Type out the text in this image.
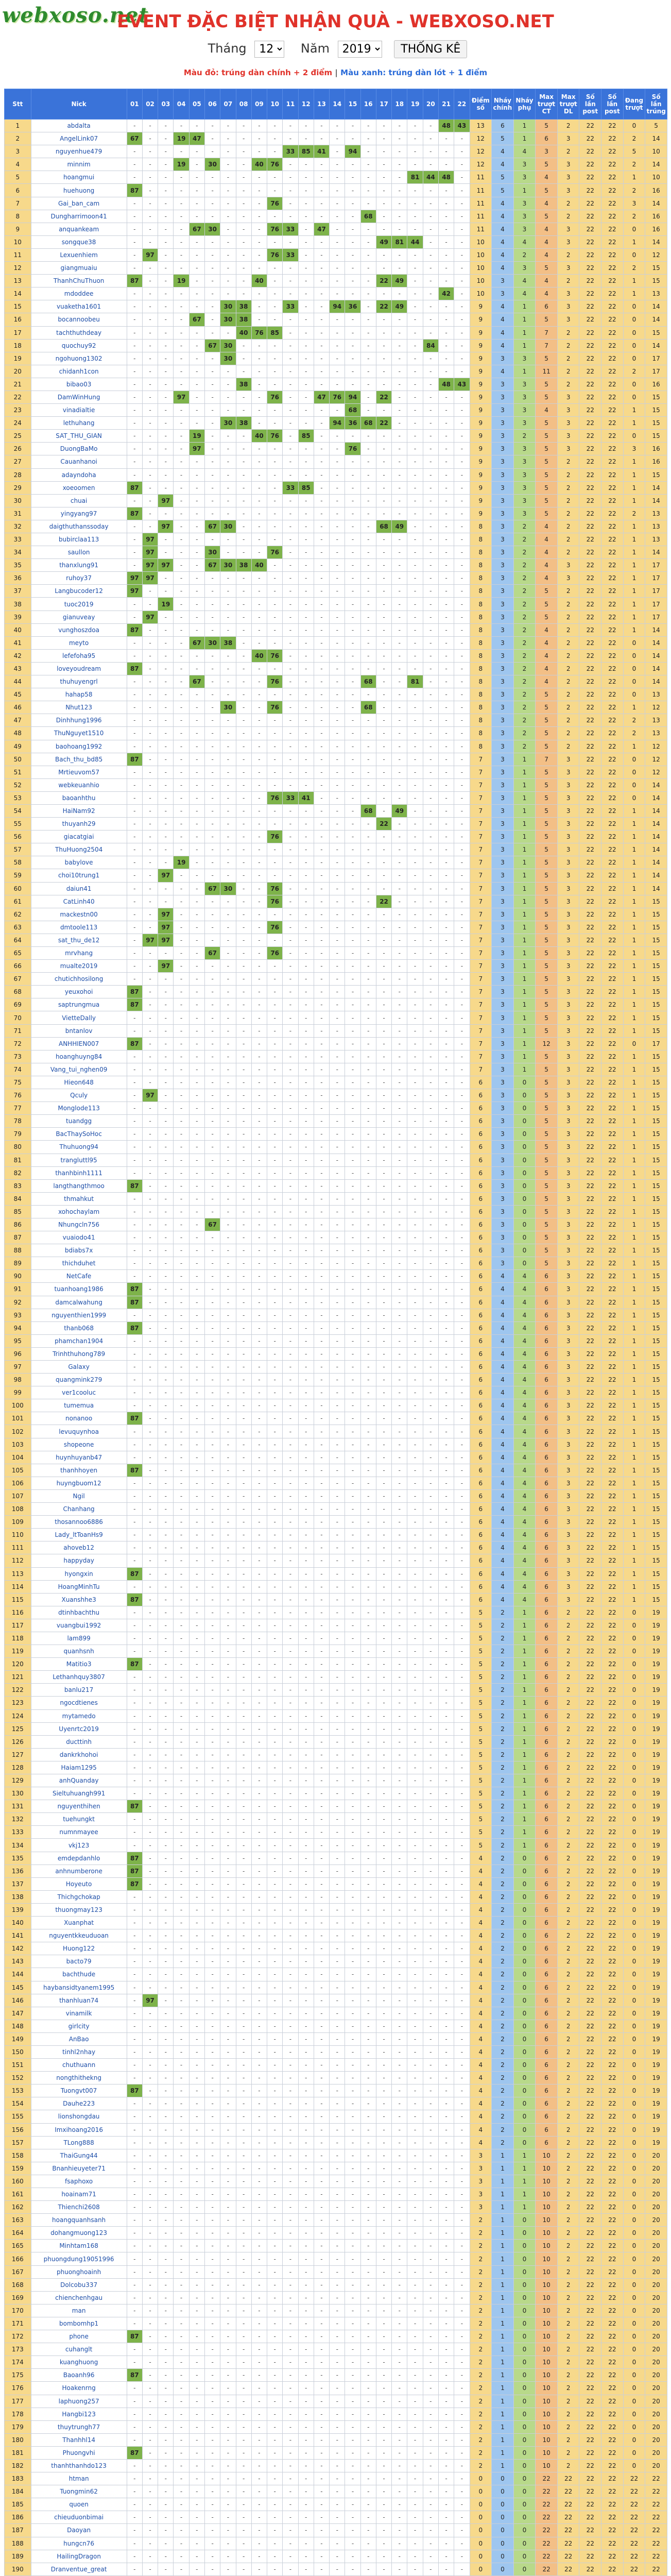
webxoso.net
EVENT ĐẶC BIỆT NHẬN QUÀ - WEBXOSO.NET
Tháng
12	Năm
2019	THỐNG KÊ
Màu đỏ: trúng dàn chính + 2 điểm | Màu xanh: trúng dàn lót + 1 điểm
Stt	Nick	01	02	03	04	05	06	07	08	09	10	11	12	13	14	15	16	17	18	19	20	21	22	Điểm số	Nháy chính	Nháy phụ	Max trượt CT	Max trượt DL	Số lần post	Số lần post	Đang trượt	Số lần trúng
1	abdalta	-	-	-	-	-	-	-	-	-	-	-	-	-	-	-	-	-	-	-	-	48	43	13	6	1	5	2	22	22	0	5
2	AngelLink07	67	-	-	19	47	-	-	-	-	-	-	-	-	-	-	-	-	-	-	-	-	-	12	5	1	6	3	22	22	2	14
3	nguyenhue479	-	-	-	-	-	-	-	-	-	-	33	85	41	-	94	-	-	-	-	-	-	-	12	4	4	3	2	22	22	5	10
4	minnim	-	-	-	19	-	30	-	-	40	76	-	-	-	-	-	-	-	-	-	-	-	-	12	4	3	5	3	22	22	2	14
5	hoangmui	-	-	-	-	-	-	-	-	-	-	-	-	-	-	-	-	-	-	81	44	48	-	11	5	3	4	3	22	22	1	10
6	huehuong	87	-	-	-	-	-	-	-	-	-	-	-	-	-	-	-	-	-	-	-	-	-	11	5	1	5	3	22	22	2	16
7	Gai_ban_cam	-	-	-	-	-	-	-	-	-	76	-	-	-	-	-	-	-	-	-	-	-	-	11	4	3	4	2	22	22	3	14
8	Dungharrimoon41	-	-	-	-	-	-	-	-	-	-	-	-	-	-	-	68	-	-	-	-	-	-	11	4	3	5	2	22	22	2	16
9	anquankeam	-	-	-	-	67	30	-	-	-	76	33	-	47	-	-	-	-	-	-	-	-	-	11	4	3	4	3	22	22	0	16
10	songque38	-	-	-	-	-	-	-	-	-	-	-	-	-	-	-	-	49	81	44	-	-	-	10	4	4	4	3	22	22	1	14
11	Lexuenhiem	-	97	-	-	-	-	-	-	-	76	33	-	-	-	-	-	-	-	-	-	-	-	10	4	2	4	2	22	22	0	12
12	giangmuaiu	-	-	-	-	-	-	-	-	-	-	-	-	-	-	-	-	-	-	-	-	-	-	10	4	3	5	3	22	22	2	15
13	ThanhChuThuon	87	-	-	19	-	-	-	-	40	-	-	-	-	-	-	-	22	49	-	-	-	-	10	3	4	4	2	22	22	1	15
14	mdoddee	-	-	-	-	-	-	-	-	-	-	-	-	-	-	-	-	-	-	-	-	42	-	10	3	4	4	3	22	22	1	13
15	vuaketha1601	-	-	-	-	-	-	30	38	-	-	33	-	-	94	36	-	22	49	-	-	-	-	9	4	1	6	3	22	22	0	14
16	bocannoobeu	-	-	-	-	67	-	30	38	-	-	-	-	-	-	-	-	-	-	-	-	-	-	9	4	1	5	3	22	22	0	14
17	tachthuthdeay	-	-	-	-	-	-	-	40	76	85	-	-	-	-	-	-	-	-	-	-	-	-	9	4	1	7	2	22	22	0	15
18	quochuy92	-	-	-	-	-	67	30	-	-	-	-	-	-	-	-	-	-	-	-	84	-	-	9	4	1	7	2	22	22	0	14
19	ngohuong1302	-	-	-	-	-	-	30	-	-	-	-	-	-	-	-	-	-	-	-	-	-	-	9	3	3	5	2	22	22	0	17
20	chidanh1con	-	-	-	-	-	-	-	-	-	-	-	-	-	-	-	-	-	-	-	-	-	-	9	4	1	11	2	22	22	2	17
21	bibao03	-	-	-	-	-	-	-	38	-	-	-	-	-	-	-	-	-	-	-	-	48	43	9	3	3	5	2	22	22	0	16
22	DamWinHung	-	-	-	97	-	-	-	-	-	76	-	-	47	76	94	-	22	-	-	-	-	-	9	3	3	5	3	22	22	0	15
23	vinadialtie	-	-	-	-	-	-	-	-	-	-	-	-	-	-	68	-	-	-	-	-	-	-	9	3	3	4	3	22	22	1	15
24	lethuhang	-	-	-	-	-	-	30	38	-	-	-	-	-	94	36	68	22	-	-	-	-	-	9	3	3	5	3	22	22	1	15
25	SAT_THU_GIAN	-	-	-	-	19	-	-	-	40	76	-	85	-	-	-	-	-	-	-	-	-	-	9	3	2	5	3	22	22	0	15
26	DuongBaMo	-	-	-	-	97	-	-	-	-	-	-	-	-	-	76	-	-	-	-	-	-	-	9	3	3	5	3	22	22	3	16
27	Cauanhanoi	-	-	-	-	-	-	-	-	-	-	-	-	-	-	-	-	-	-	-	-	-	-	9	3	3	5	2	22	22	1	16
28	adayndoha	-	-	-	-	-	-	-	-	-	-	-	-	-	-	-	-	-	-	-	-	-	-	9	3	3	5	2	22	22	1	15
29	xoeoomen	87	-	-	-	-	-	-	-	-	-	33	85	-	-	-	-	-	-	-	-	-	-	9	3	3	5	2	22	22	1	14
30	chuai	-	-	97	-	-	-	-	-	-	-	-	-	-	-	-	-	-	-	-	-	-	-	9	3	3	5	2	22	22	1	14
31	yingyang97	87	-	-	-	-	-	-	-	-	-	-	-	-	-	-	-	-	-	-	-	-	-	9	3	3	5	2	22	22	2	13
32	daigthuthanssoday	-	-	97	-	-	67	30	-	-	-	-	-	-	-	-	-	68	49	-	-	-	-	8	3	2	4	2	22	22	1	13
33	bubirclaa113	-	97	-	-	-	-	-	-	-	-	-	-	-	-	-	-	-	-	-	-	-	-	8	3	2	4	2	22	22	1	13
34	saullon	-	97	-	-	-	30	-	-	-	76	-	-	-	-	-	-	-	-	-	-	-	-	8	3	2	4	2	22	22	1	14
35	thanxlung91	-	97	97	-	-	67	30	38	40	-	-	-	-	-	-	-	-	-	-	-	-	-	8	3	2	4	3	22	22	1	17
36	ruhoy37	97	97	-	-	-	-	-	-	-	-	-	-	-	-	-	-	-	-	-	-	-	-	8	3	2	4	3	22	22	1	17
37	Langbucoder12	97	-	-	-	-	-	-	-	-	-	-	-	-	-	-	-	-	-	-	-	-	-	8	3	2	5	2	22	22	1	17
38	tuoc2019	-	-	19	-	-	-	-	-	-	-	-	-	-	-	-	-	-	-	-	-	-	-	8	3	2	5	2	22	22	1	17
39	gianuveay	-	97	-	-	-	-	-	-	-	-	-	-	-	-	-	-	-	-	-	-	-	-	8	3	2	5	2	22	22	1	17
40	vunghoszdoa	87	-	-	-	-	-	-	-	-	-	-	-	-	-	-	-	-	-	-	-	-	-	8	3	2	4	2	22	22	1	14
41	meyto	-	-	-	-	67	30	38	-	-	-	-	-	-	-	-	-	-	-	-	-	-	-	8	3	2	4	2	22	22	0	14
42	lefefoha95	-	-	-	-	-	-	-	-	40	76	-	-	-	-	-	-	-	-	-	-	-	-	8	3	2	4	2	22	22	0	14
43	loveyoudream	87	-	-	-	-	-	-	-	-	-	-	-	-	-	-	-	-	-	-	-	-	-	8	3	2	4	2	22	22	0	14
44	thuhuyengrl	-	-	-	-	67	-	-	-	-	76	-	-	-	-	-	68	-	-	81	-	-	-	8	3	2	4	2	22	22	0	14
45	hahap58	-	-	-	-	-	-	-	-	-	-	-	-	-	-	-	-	-	-	-	-	-	-	8	3	2	5	2	22	22	0	13
46	Nhut123	-	-	-	-	-	-	30	-	-	76	-	-	-	-	-	68	-	-	-	-	-	-	8	3	2	5	2	22	22	1	12
47	Dinhhung1996	-	-	-	-	-	-	-	-	-	-	-	-	-	-	-	-	-	-	-	-	-	-	8	3	2	5	2	22	22	2	13
48	ThuNguyet1510	-	-	-	-	-	-	-	-	-	-	-	-	-	-	-	-	-	-	-	-	-	-	8	3	2	5	2	22	22	2	13
49	baohoang1992	-	-	-	-	-	-	-	-	-	-	-	-	-	-	-	-	-	-	-	-	-	-	8	3	2	5	2	22	22	1	12
50	Bach_thu_bd85	87	-	-	-	-	-	-	-	-	-	-	-	-	-	-	-	-	-	-	-	-	-	7	3	1	7	3	22	22	0	12
51	Mrtieuvom57	-	-	-	-	-	-	-	-	-	-	-	-	-	-	-	-	-	-	-	-	-	-	7	3	1	5	3	22	22	0	12
52	webkeuanhio	-	-	-	-	-	-	-	-	-	-	-	-	-	-	-	-	-	-	-	-	-	-	7	3	1	5	3	22	22	0	14
53	baoanhthu	-	-	-	-	-	-	-	-	-	76	33	41	-	-	-	-	-	-	-	-	-	-	7	3	1	5	3	22	22	0	14
54	HaiNam92	-	-	-	-	-	-	-	-	-	-	-	-	-	-	-	68	-	49	-	-	-	-	7	3	1	5	3	22	22	1	14
55	thuyanh29	-	-	-	-	-	-	-	-	-	-	-	-	-	-	-	-	22	-	-	-	-	-	7	3	1	5	3	22	22	1	14
56	giacatgiai	-	-	-	-	-	-	-	-	-	76	-	-	-	-	-	-	-	-	-	-	-	-	7	3	1	5	3	22	22	1	14
57	ThuHuong2504	-	-	-	-	-	-	-	-	-	-	-	-	-	-	-	-	-	-	-	-	-	-	7	3	1	5	3	22	22	1	14
58	babylove	-	-	-	19	-	-	-	-	-	-	-	-	-	-	-	-	-	-	-	-	-	-	7	3	1	5	3	22	22	1	14
59	choi10trung1	-	-	97	-	-	-	-	-	-	-	-	-	-	-	-	-	-	-	-	-	-	-	7	3	1	5	3	22	22	1	14
60	daiun41	-	-	-	-	-	67	30	-	-	76	-	-	-	-	-	-	-	-	-	-	-	-	7	3	1	5	3	22	22	1	14
61	CatLinh40	-	-	-	-	-	-	-	-	-	76	-	-	-	-	-	-	22	-	-	-	-	-	7	3	1	5	3	22	22	1	15
62	mackestn00	-	-	97	-	-	-	-	-	-	-	-	-	-	-	-	-	-	-	-	-	-	-	7	3	1	5	3	22	22	1	15
63	dmtoole113	-	-	97	-	-	-	-	-	-	76	-	-	-	-	-	-	-	-	-	-	-	-	7	3	1	5	3	22	22	1	15
64	sat_thu_de12	-	97	97	-	-	-	-	-	-	-	-	-	-	-	-	-	-	-	-	-	-	-	7	3	1	5	3	22	22	1	15
65	mrvhang	-	-	-	-	-	67	-	-	-	76	-	-	-	-	-	-	-	-	-	-	-	-	7	3	1	5	3	22	22	1	15
66	mualte2019	-	-	97	-	-	-	-	-	-	-	-	-	-	-	-	-	-	-	-	-	-	-	7	3	1	5	3	22	22	1	15
67	chutichhosilong	-	-	-	-	-	-	-	-	-	-	-	-	-	-	-	-	-	-	-	-	-	-	7	3	1	5	3	22	22	1	15
68	yeuxohoi	87	-	-	-	-	-	-	-	-	-	-	-	-	-	-	-	-	-	-	-	-	-	7	3	1	5	3	22	22	1	15
69	saptrungmua	87	-	-	-	-	-	-	-	-	-	-	-	-	-	-	-	-	-	-	-	-	-	7	3	1	5	3	22	22	1	15
70	VietteDally	-	-	-	-	-	-	-	-	-	-	-	-	-	-	-	-	-	-	-	-	-	-	7	3	1	5	3	22	22	1	15
71	bntanlov	-	-	-	-	-	-	-	-	-	-	-	-	-	-	-	-	-	-	-	-	-	-	7	3	1	5	3	22	22	1	15
72	ANHHIEN007	87	-	-	-	-	-	-	-	-	-	-	-	-	-	-	-	-	-	-	-	-	-	7	3	1	12	3	22	22	0	17
73	hoanghuyng84	-	-	-	-	-	-	-	-	-	-	-	-	-	-	-	-	-	-	-	-	-	-	7	3	1	5	3	22	22	1	15
74	Vang_tui_nghen09	-	-	-	-	-	-	-	-	-	-	-	-	-	-	-	-	-	-	-	-	-	-	7	3	1	5	3	22	22	1	15
75	Hieon648	-	-	-	-	-	-	-	-	-	-	-	-	-	-	-	-	-	-	-	-	-	-	6	3	0	5	3	22	22	1	15
76	Qculy	-	97	-	-	-	-	-	-	-	-	-	-	-	-	-	-	-	-	-	-	-	-	6	3	0	5	3	22	22	1	15
77	Monglode113	-	-	-	-	-	-	-	-	-	-	-	-	-	-	-	-	-	-	-	-	-	-	6	3	0	5	3	22	22	1	15
78	tuandgg	-	-	-	-	-	-	-	-	-	-	-	-	-	-	-	-	-	-	-	-	-	-	6	3	0	5	3	22	22	1	15
79	BacThaySoHoc	-	-	-	-	-	-	-	-	-	-	-	-	-	-	-	-	-	-	-	-	-	-	6	3	0	5	3	22	22	1	15
80	Thuhuong94	-	-	-	-	-	-	-	-	-	-	-	-	-	-	-	-	-	-	-	-	-	-	6	3	0	5	3	22	22	1	15
81	trangluttl95	-	-	-	-	-	-	-	-	-	-	-	-	-	-	-	-	-	-	-	-	-	-	6	3	0	5	3	22	22	1	15
82	thanhbinh1111	-	-	-	-	-	-	-	-	-	-	-	-	-	-	-	-	-	-	-	-	-	-	6	3	0	5	3	22	22	1	15
83	langthangthmoo	87	-	-	-	-	-	-	-	-	-	-	-	-	-	-	-	-	-	-	-	-	-	6	3	0	5	3	22	22	1	15
84	thmahkut	-	-	-	-	-	-	-	-	-	-	-	-	-	-	-	-	-	-	-	-	-	-	6	3	0	5	3	22	22	1	15
85	xohochaylam	-	-	-	-	-	-	-	-	-	-	-	-	-	-	-	-	-	-	-	-	-	-	6	3	0	5	3	22	22	1	15
86	Nhungcln756	-	-	-	-	-	67	-	-	-	-	-	-	-	-	-	-	-	-	-	-	-	-	6	3	0	5	3	22	22	1	15
87	vuaiodo41	-	-	-	-	-	-	-	-	-	-	-	-	-	-	-	-	-	-	-	-	-	-	6	3	0	5	3	22	22	1	15
88	bdiabs7x	-	-	-	-	-	-	-	-	-	-	-	-	-	-	-	-	-	-	-	-	-	-	6	3	0	5	3	22	22	1	15
89	thichduhet	-	-	-	-	-	-	-	-	-	-	-	-	-	-	-	-	-	-	-	-	-	-	6	3	0	5	3	22	22	1	15
90	NetCafe	-	-	-	-	-	-	-	-	-	-	-	-	-	-	-	-	-	-	-	-	-	-	6	4	4	6	3	22	22	1	15
91	tuanhoang1986	87	-	-	-	-	-	-	-	-	-	-	-	-	-	-	-	-	-	-	-	-	-	6	4	4	6	3	22	22	1	15
92	damcalwahung	87	-	-	-	-	-	-	-	-	-	-	-	-	-	-	-	-	-	-	-	-	-	6	4	4	6	3	22	22	1	15
93	nguyenthien1999	-	-	-	-	-	-	-	-	-	-	-	-	-	-	-	-	-	-	-	-	-	-	6	4	4	6	3	22	22	1	15
94	thanb068	87	-	-	-	-	-	-	-	-	-	-	-	-	-	-	-	-	-	-	-	-	-	6	4	4	6	3	22	22	1	15
95	phamchan1904	-	-	-	-	-	-	-	-	-	-	-	-	-	-	-	-	-	-	-	-	-	-	6	4	4	6	3	22	22	1	15
96	Trinhthuhong789	-	-	-	-	-	-	-	-	-	-	-	-	-	-	-	-	-	-	-	-	-	-	6	4	4	6	3	22	22	1	15
97	Galaxy	-	-	-	-	-	-	-	-	-	-	-	-	-	-	-	-	-	-	-	-	-	-	6	4	4	6	3	22	22	1	15
98	quangmink279	-	-	-	-	-	-	-	-	-	-	-	-	-	-	-	-	-	-	-	-	-	-	6	4	4	6	3	22	22	1	15
99	ver1cooluc	-	-	-	-	-	-	-	-	-	-	-	-	-	-	-	-	-	-	-	-	-	-	6	4	4	6	3	22	22	1	15
100	tumemua	-	-	-	-	-	-	-	-	-	-	-	-	-	-	-	-	-	-	-	-	-	-	6	4	4	6	3	22	22	1	15
101	nonanoo	87	-	-	-	-	-	-	-	-	-	-	-	-	-	-	-	-	-	-	-	-	-	6	4	4	6	3	22	22	1	15
102	levuquynhoa	-	-	-	-	-	-	-	-	-	-	-	-	-	-	-	-	-	-	-	-	-	-	6	4	4	6	3	22	22	1	15
103	shopeone	-	-	-	-	-	-	-	-	-	-	-	-	-	-	-	-	-	-	-	-	-	-	6	4	4	6	3	22	22	1	15
104	huynhuyanb47	-	-	-	-	-	-	-	-	-	-	-	-	-	-	-	-	-	-	-	-	-	-	6	4	4	6	3	22	22	1	15
105	thanhhoyen	87	-	-	-	-	-	-	-	-	-	-	-	-	-	-	-	-	-	-	-	-	-	6	4	4	6	3	22	22	1	15
106	huyngbuom12	-	-	-	-	-	-	-	-	-	-	-	-	-	-	-	-	-	-	-	-	-	-	6	4	4	6	3	22	22	1	15
107	Ngil	-	-	-	-	-	-	-	-	-	-	-	-	-	-	-	-	-	-	-	-	-	-	6	4	4	6	3	22	22	1	15
108	Chanhang	-	-	-	-	-	-	-	-	-	-	-	-	-	-	-	-	-	-	-	-	-	-	6	4	4	6	3	22	22	1	15
109	thosannoo6886	-	-	-	-	-	-	-	-	-	-	-	-	-	-	-	-	-	-	-	-	-	-	6	4	4	6	3	22	22	1	15
110	Lady_ltToanHs9	-	-	-	-	-	-	-	-	-	-	-	-	-	-	-	-	-	-	-	-	-	-	6	4	4	6	3	22	22	1	15
111	ahoveb12	-	-	-	-	-	-	-	-	-	-	-	-	-	-	-	-	-	-	-	-	-	-	6	4	4	6	3	22	22	1	15
112	happyday	-	-	-	-	-	-	-	-	-	-	-	-	-	-	-	-	-	-	-	-	-	-	6	4	4	6	3	22	22	1	15
113	hyongxin	87	-	-	-	-	-	-	-	-	-	-	-	-	-	-	-	-	-	-	-	-	-	6	4	4	6	3	22	22	1	15
114	HoangMinhTu	-	-	-	-	-	-	-	-	-	-	-	-	-	-	-	-	-	-	-	-	-	-	6	4	4	6	3	22	22	1	15
115	Xuanshhe3	87	-	-	-	-	-	-	-	-	-	-	-	-	-	-	-	-	-	-	-	-	-	6	4	4	6	3	22	22	1	15
116	dtinhbachthu	-	-	-	-	-	-	-	-	-	-	-	-	-	-	-	-	-	-	-	-	-	-	5	2	1	6	2	22	22	0	19
117	vuangbui1992	-	-	-	-	-	-	-	-	-	-	-	-	-	-	-	-	-	-	-	-	-	-	5	2	1	6	2	22	22	0	19
118	lam899	-	-	-	-	-	-	-	-	-	-	-	-	-	-	-	-	-	-	-	-	-	-	5	2	1	6	2	22	22	0	19
119	quanhsnh	-	-	-	-	-	-	-	-	-	-	-	-	-	-	-	-	-	-	-	-	-	-	5	2	1	6	2	22	22	0	19
120	Matitio3	87	-	-	-	-	-	-	-	-	-	-	-	-	-	-	-	-	-	-	-	-	-	5	2	1	6	2	22	22	0	19
121	Lethanhquy3807	-	-	-	-	-	-	-	-	-	-	-	-	-	-	-	-	-	-	-	-	-	-	5	2	1	6	2	22	22	0	19
122	banlu217	-	-	-	-	-	-	-	-	-	-	-	-	-	-	-	-	-	-	-	-	-	-	5	2	1	6	2	22	22	0	19
123	ngocdtienes	-	-	-	-	-	-	-	-	-	-	-	-	-	-	-	-	-	-	-	-	-	-	5	2	1	6	2	22	22	0	19
124	mytamedo	-	-	-	-	-	-	-	-	-	-	-	-	-	-	-	-	-	-	-	-	-	-	5	2	1	6	2	22	22	0	19
125	Uyenrtc2019	-	-	-	-	-	-	-	-	-	-	-	-	-	-	-	-	-	-	-	-	-	-	5	2	1	6	2	22	22	0	19
126	ducttinh	-	-	-	-	-	-	-	-	-	-	-	-	-	-	-	-	-	-	-	-	-	-	5	2	1	6	2	22	22	0	19
127	dankrkhohoi	-	-	-	-	-	-	-	-	-	-	-	-	-	-	-	-	-	-	-	-	-	-	5	2	1	6	2	22	22	0	19
128	Haiam1295	-	-	-	-	-	-	-	-	-	-	-	-	-	-	-	-	-	-	-	-	-	-	5	2	1	6	2	22	22	0	19
129	anhQuanday	-	-	-	-	-	-	-	-	-	-	-	-	-	-	-	-	-	-	-	-	-	-	5	2	1	6	2	22	22	0	19
130	Sieltuhuangh991	-	-	-	-	-	-	-	-	-	-	-	-	-	-	-	-	-	-	-	-	-	-	5	2	1	6	2	22	22	0	19
131	nguyenthihen	87	-	-	-	-	-	-	-	-	-	-	-	-	-	-	-	-	-	-	-	-	-	5	2	1	6	2	22	22	0	19
132	tuehungkt	-	-	-	-	-	-	-	-	-	-	-	-	-	-	-	-	-	-	-	-	-	-	5	2	1	6	2	22	22	0	19
133	numnmayee	-	-	-	-	-	-	-	-	-	-	-	-	-	-	-	-	-	-	-	-	-	-	5	2	1	6	2	22	22	0	19
134	vkj123	-	-	-	-	-	-	-	-	-	-	-	-	-	-	-	-	-	-	-	-	-	-	5	2	1	6	2	22	22	0	19
135	emdepdanhlo	87	-	-	-	-	-	-	-	-	-	-	-	-	-	-	-	-	-	-	-	-	-	4	2	0	6	2	22	22	0	19
136	anhnumberone	87	-	-	-	-	-	-	-	-	-	-	-	-	-	-	-	-	-	-	-	-	-	4	2	0	6	2	22	22	0	19
137	Hoyeuto	87	-	-	-	-	-	-	-	-	-	-	-	-	-	-	-	-	-	-	-	-	-	4	2	0	6	2	22	22	0	19
138	Thichgchokap	-	-	-	-	-	-	-	-	-	-	-	-	-	-	-	-	-	-	-	-	-	-	4	2	0	6	2	22	22	0	19
139	thuongmay123	-	-	-	-	-	-	-	-	-	-	-	-	-	-	-	-	-	-	-	-	-	-	4	2	0	6	2	22	22	0	19
140	Xuanphat	-	-	-	-	-	-	-	-	-	-	-	-	-	-	-	-	-	-	-	-	-	-	4	2	0	6	2	22	22	0	19
141	nguyentkkeuduoan	-	-	-	-	-	-	-	-	-	-	-	-	-	-	-	-	-	-	-	-	-	-	4	2	0	6	2	22	22	0	19
142	Huong122	-	-	-	-	-	-	-	-	-	-	-	-	-	-	-	-	-	-	-	-	-	-	4	2	0	6	2	22	22	0	19
143	bacto79	-	-	-	-	-	-	-	-	-	-	-	-	-	-	-	-	-	-	-	-	-	-	4	2	0	6	2	22	22	0	19
144	bachthude	-	-	-	-	-	-	-	-	-	-	-	-	-	-	-	-	-	-	-	-	-	-	4	2	0	6	2	22	22	0	19
145	haybansidtyanem1995	-	-	-	-	-	-	-	-	-	-	-	-	-	-	-	-	-	-	-	-	-	-	4	2	0	6	2	22	22	0	19
146	thanhluan74	-	97	-	-	-	-	-	-	-	-	-	-	-	-	-	-	-	-	-	-	-	-	4	2	0	6	2	22	22	0	19
147	vinamilk	-	-	-	-	-	-	-	-	-	-	-	-	-	-	-	-	-	-	-	-	-	-	4	2	0	6	2	22	22	0	19
148	girlcity	-	-	-	-	-	-	-	-	-	-	-	-	-	-	-	-	-	-	-	-	-	-	4	2	0	6	2	22	22	0	19
149	AnBao	-	-	-	-	-	-	-	-	-	-	-	-	-	-	-	-	-	-	-	-	-	-	4	2	0	6	2	22	22	0	19
150	tinhl2nhay	-	-	-	-	-	-	-	-	-	-	-	-	-	-	-	-	-	-	-	-	-	-	4	2	0	6	2	22	22	0	19
151	chuthuann	-	-	-	-	-	-	-	-	-	-	-	-	-	-	-	-	-	-	-	-	-	-	4	2	0	6	2	22	22	0	19
152	nongthithekng	-	-	-	-	-	-	-	-	-	-	-	-	-	-	-	-	-	-	-	-	-	-	4	2	0	6	2	22	22	0	19
153	Tuongvt007	87	-	-	-	-	-	-	-	-	-	-	-	-	-	-	-	-	-	-	-	-	-	4	2	0	6	2	22	22	0	19
154	Dauhe223	-	-	-	-	-	-	-	-	-	-	-	-	-	-	-	-	-	-	-	-	-	-	4	2	0	6	2	22	22	0	19
155	lionshongdau	-	-	-	-	-	-	-	-	-	-	-	-	-	-	-	-	-	-	-	-	-	-	4	2	0	6	2	22	22	0	19
156	Imxihoang2016	-	-	-	-	-	-	-	-	-	-	-	-	-	-	-	-	-	-	-	-	-	-	4	2	0	6	2	22	22	0	19
157	TLong888	-	-	-	-	-	-	-	-	-	-	-	-	-	-	-	-	-	-	-	-	-	-	4	2	0	6	2	22	22	0	19
158	ThaiGung44	-	-	-	-	-	-	-	-	-	-	-	-	-	-	-	-	-	-	-	-	-	-	3	1	1	10	2	22	22	0	20
159	Bnanhieuyeter71	-	-	-	-	-	-	-	-	-	-	-	-	-	-	-	-	-	-	-	-	-	-	3	1	1	10	2	22	22	0	20
160	fsaphoxo	-	-	-	-	-	-	-	-	-	-	-	-	-	-	-	-	-	-	-	-	-	-	3	1	1	10	2	22	22	0	20
161	hoainam71	-	-	-	-	-	-	-	-	-	-	-	-	-	-	-	-	-	-	-	-	-	-	3	1	1	10	2	22	22	0	20
162	Thienchi2608	-	-	-	-	-	-	-	-	-	-	-	-	-	-	-	-	-	-	-	-	-	-	3	1	1	10	2	22	22	0	20
163	hoangquanhsanh	-	-	-	-	-	-	-	-	-	-	-	-	-	-	-	-	-	-	-	-	-	-	2	1	0	10	2	22	22	0	20
164	dohangmuong123	-	-	-	-	-	-	-	-	-	-	-	-	-	-	-	-	-	-	-	-	-	-	2	1	0	10	2	22	22	0	20
165	Minhtam168	-	-	-	-	-	-	-	-	-	-	-	-	-	-	-	-	-	-	-	-	-	-	2	1	0	10	2	22	22	0	20
166	phuongdung19051996	-	-	-	-	-	-	-	-	-	-	-	-	-	-	-	-	-	-	-	-	-	-	2	1	0	10	2	22	22	0	20
167	phuonghoainh	-	-	-	-	-	-	-	-	-	-	-	-	-	-	-	-	-	-	-	-	-	-	2	1	0	10	2	22	22	0	20
168	Dolcobu337	-	-	-	-	-	-	-	-	-	-	-	-	-	-	-	-	-	-	-	-	-	-	2	1	0	10	2	22	22	0	20
169	chienchenhgau	-	-	-	-	-	-	-	-	-	-	-	-	-	-	-	-	-	-	-	-	-	-	2	1	0	10	2	22	22	0	20
170	man	-	-	-	-	-	-	-	-	-	-	-	-	-	-	-	-	-	-	-	-	-	-	2	1	0	10	2	22	22	0	20
171	bombomhp1	-	-	-	-	-	-	-	-	-	-	-	-	-	-	-	-	-	-	-	-	-	-	2	1	0	10	2	22	22	0	20
172	phone	87	-	-	-	-	-	-	-	-	-	-	-	-	-	-	-	-	-	-	-	-	-	2	1	0	10	2	22	22	0	20
173	cuhanglt	-	-	-	-	-	-	-	-	-	-	-	-	-	-	-	-	-	-	-	-	-	-	2	1	0	10	2	22	22	0	20
174	kuanghuong	-	-	-	-	-	-	-	-	-	-	-	-	-	-	-	-	-	-	-	-	-	-	2	1	0	10	2	22	22	0	20
175	Baoanh96	87	-	-	-	-	-	-	-	-	-	-	-	-	-	-	-	-	-	-	-	-	-	2	1	0	10	2	22	22	0	20
176	Hoakenrng	-	-	-	-	-	-	-	-	-	-	-	-	-	-	-	-	-	-	-	-	-	-	2	1	0	10	2	22	22	0	20
177	laphuong257	-	-	-	-	-	-	-	-	-	-	-	-	-	-	-	-	-	-	-	-	-	-	2	1	0	10	2	22	22	0	20
178	Hangbi123	-	-	-	-	-	-	-	-	-	-	-	-	-	-	-	-	-	-	-	-	-	-	2	1	0	10	2	22	22	0	20
179	thuytrungh77	-	-	-	-	-	-	-	-	-	-	-	-	-	-	-	-	-	-	-	-	-	-	2	1	0	10	2	22	22	0	20
180	Thanhhl14	-	-	-	-	-	-	-	-	-	-	-	-	-	-	-	-	-	-	-	-	-	-	2	1	0	10	2	22	22	0	20
181	Phuongvhi	87	-	-	-	-	-	-	-	-	-	-	-	-	-	-	-	-	-	-	-	-	-	2	1	0	10	2	22	22	0	20
182	thanhthanhdo123	-	-	-	-	-	-	-	-	-	-	-	-	-	-	-	-	-	-	-	-	-	-	2	1	0	10	2	22	22	0	20
183	htman	-	-	-	-	-	-	-	-	-	-	-	-	-	-	-	-	-	-	-	-	-	-	0	0	0	22	22	22	22	22	22
184	Tuongmin62	-	-	-	-	-	-	-	-	-	-	-	-	-	-	-	-	-	-	-	-	-	-	0	0	0	22	22	22	22	22	22
185	quoen	-	-	-	-	-	-	-	-	-	-	-	-	-	-	-	-	-	-	-	-	-	-	0	0	0	22	22	22	22	22	22
186	chieuduonbimai	-	-	-	-	-	-	-	-	-	-	-	-	-	-	-	-	-	-	-	-	-	-	0	0	0	22	22	22	22	22	22
187	Daoyan	-	-	-	-	-	-	-	-	-	-	-	-	-	-	-	-	-	-	-	-	-	-	0	0	0	22	22	22	22	22	22
188	hungcn76	-	-	-	-	-	-	-	-	-	-	-	-	-	-	-	-	-	-	-	-	-	-	0	0	0	22	22	22	22	22	22
189	HailingDragon	-	-	-	-	-	-	-	-	-	-	-	-	-	-	-	-	-	-	-	-	-	-	0	0	0	22	22	22	22	22	22
190	Dranventue_great	-	-	-	-	-	-	-	-	-	-	-	-	-	-	-	-	-	-	-	-	-	-	0	0	0	22	22	22	22	22	22
